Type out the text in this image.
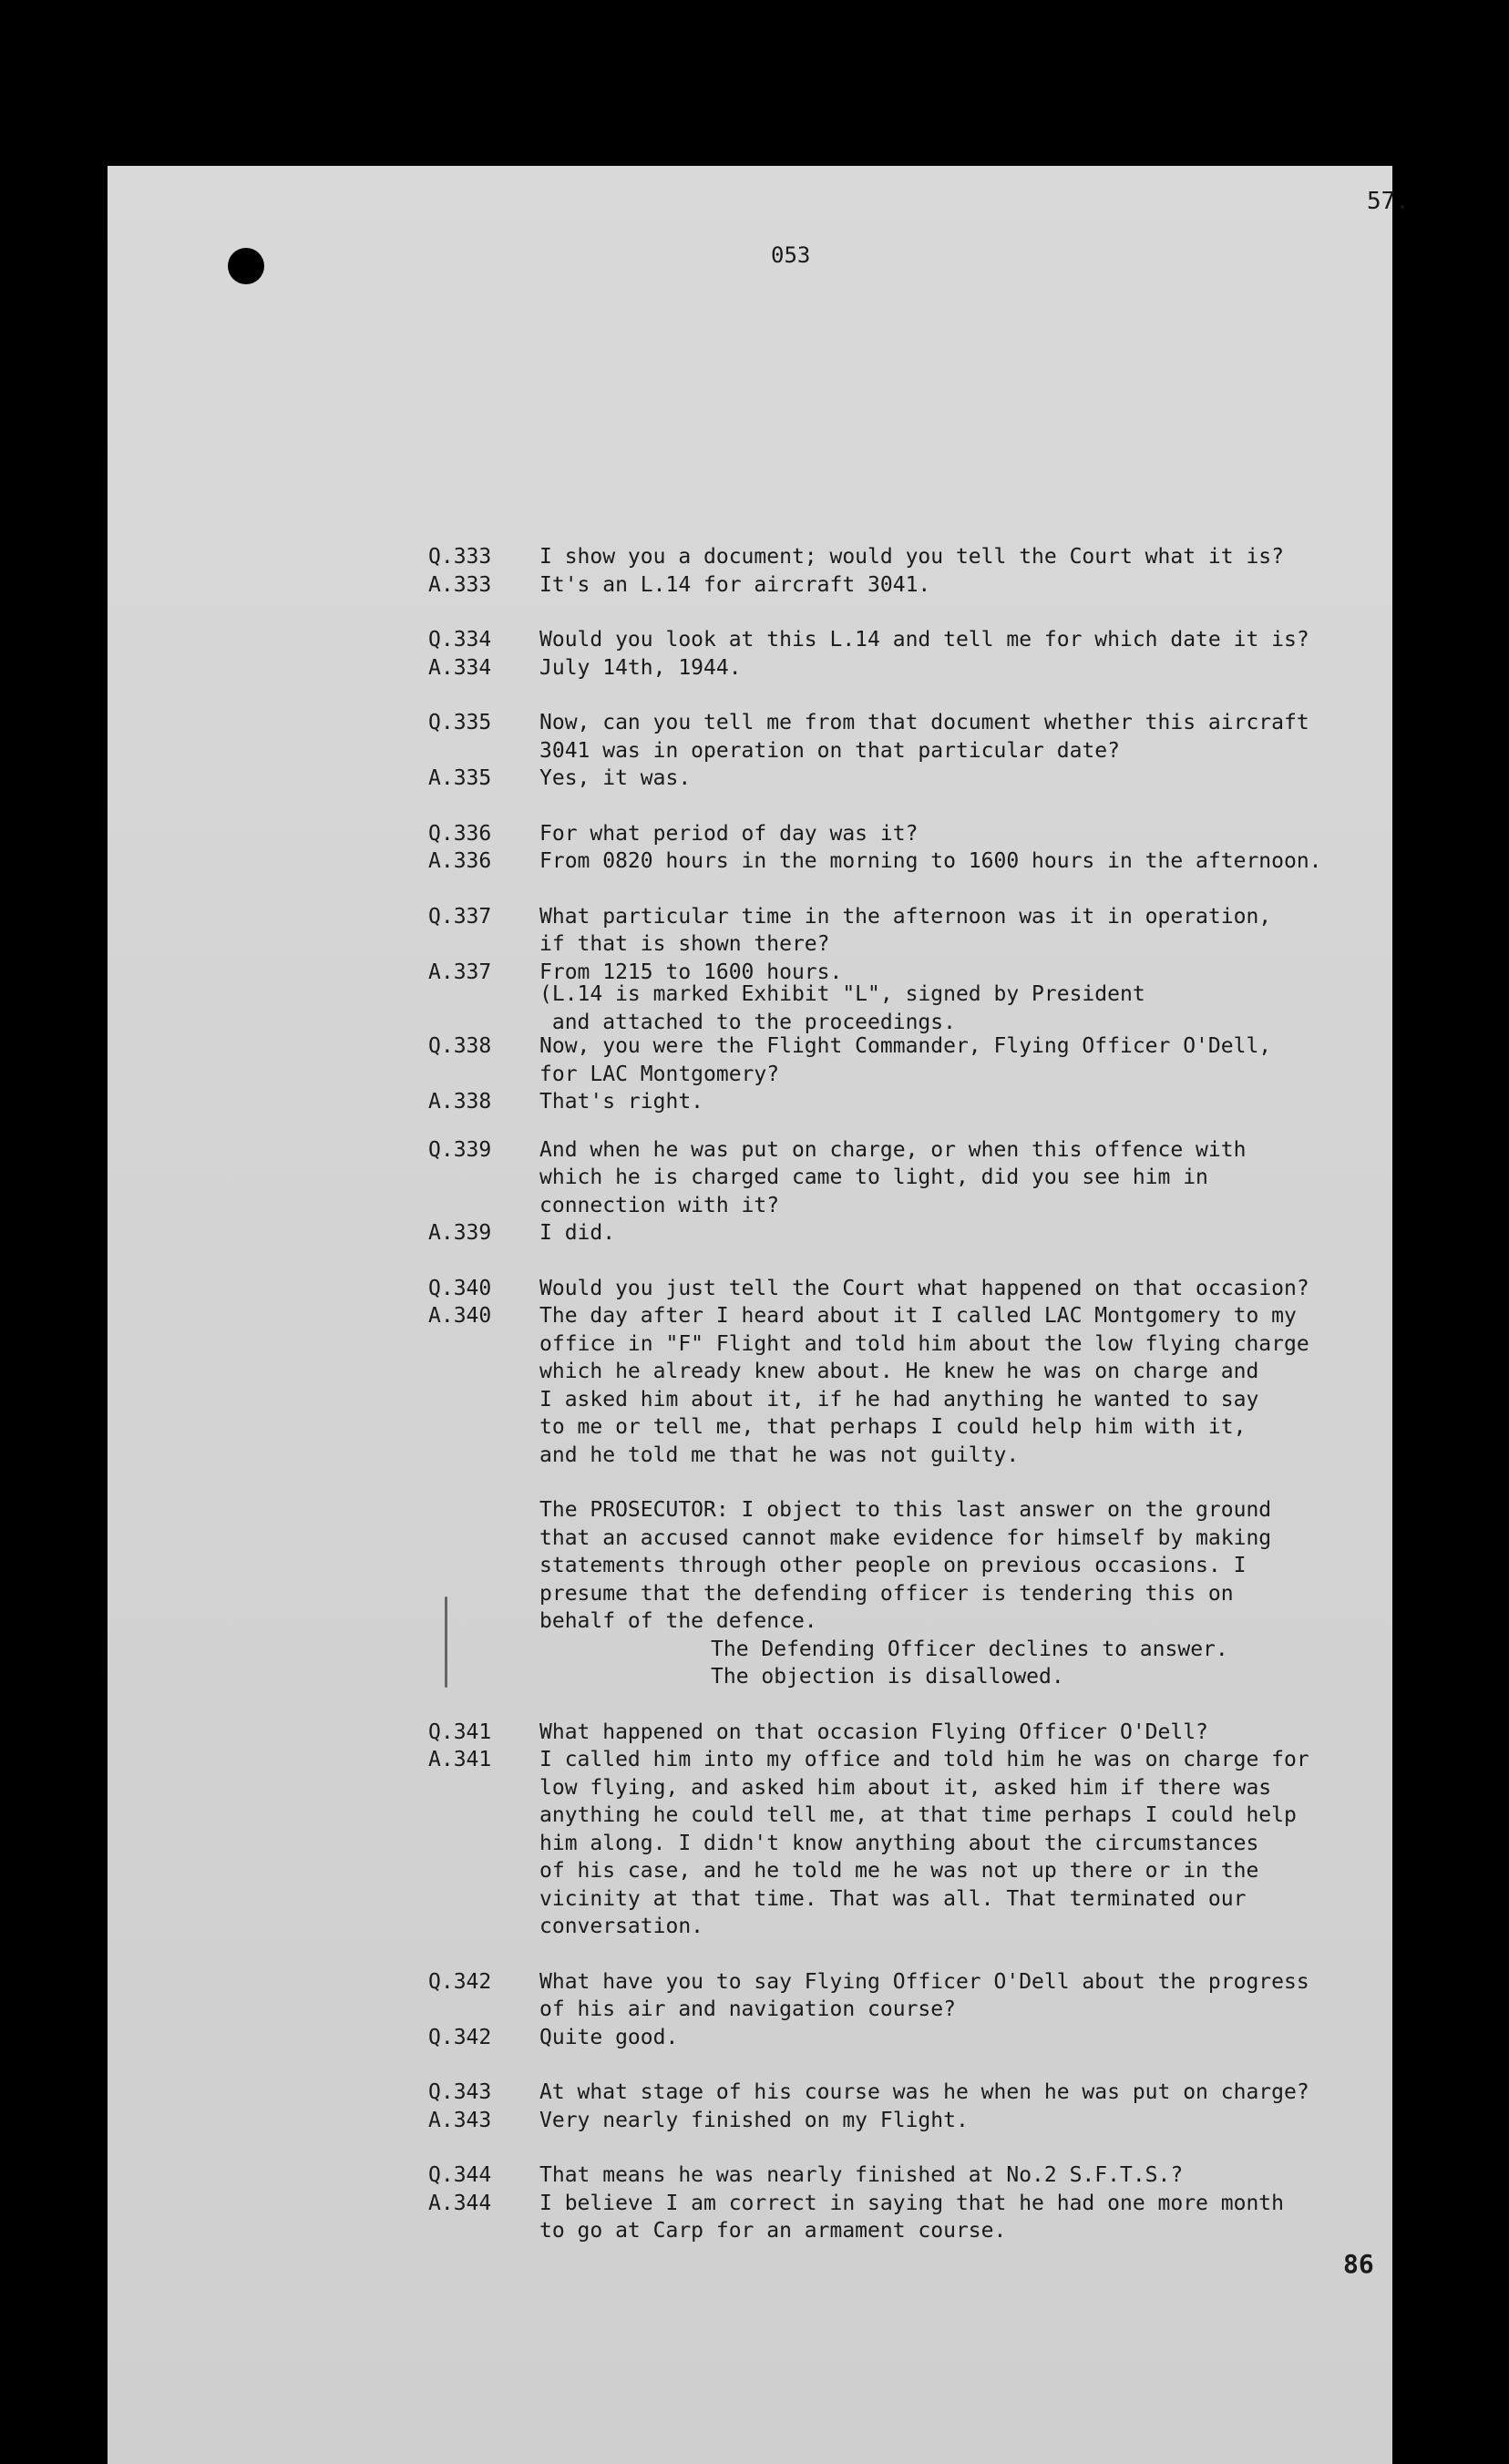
57.
053
Q.333	I show you a document; would you tell the Court what it is?
A.333	It's an L.14 for aircraft 3041.
Q.334	Would you look at this L.14 and tell me for which date it is?
A.334	July 14th, 1944.
Q.335	Now, can you tell me from that document whether this aircraft
3041 was in operation on that particular date?
A.335	Yes, it was.
Q.336	For what period of day was it?
A.336	From 0820 hours in the morning to 1600 hours in the afternoon.
Q.337	What particular time in the afternoon was it in operation,
if that is shown there?
A.337	From 1215 to 1600 hours.
(L.14 is marked Exhibit "L", signed by President
and attached to the proceedings.
Q.338	Now, you were the Flight Commander, Flying Officer O'Dell,
for LAC Montgomery?
A.338	That's right.
Q.339	And when he was put on charge, or when this offence with
which he is charged came to light, did you see him in
connection with it?
A.339	I did.
Q.340	Would you just tell the Court what happened on that occasion?
A.340	The day after I heard about it I called LAC Montgomery to my
office in "F" Flight and told him about the low flying charge
which he already knew about. He knew he was on charge and
I asked him about it, if he had anything he wanted to say
to me or tell me, that perhaps I could help him with it,
and he told me that he was not guilty.
The PROSECUTOR: I object to this last answer on the ground
that an accused cannot make evidence for himself by making
statements through other people on previous occasions. I
presume that the defending officer is tendering this on
behalf of the defence.
The Defending Officer declines to answer.
The objection is disallowed.
Q.341	What happened on that occasion Flying Officer O'Dell?
A.341	I called him into my office and told him he was on charge for
low flying, and asked him about it, asked him if there was
anything he could tell me, at that time perhaps I could help
him along. I didn't know anything about the circumstances
of his case, and he told me he was not up there or in the
vicinity at that time. That was all. That terminated our
conversation.
Q.342	What have you to say Flying Officer O'Dell about the progress
of his air and navigation course?
Q.342	Quite good.
Q.343	At what stage of his course was he when he was put on charge?
A.343	Very nearly finished on my Flight.
Q.344	That means he was nearly finished at No.2 S.F.T.S.?
A.344	I believe I am correct in saying that he had one more month
to go at Carp for an armament course.
86
